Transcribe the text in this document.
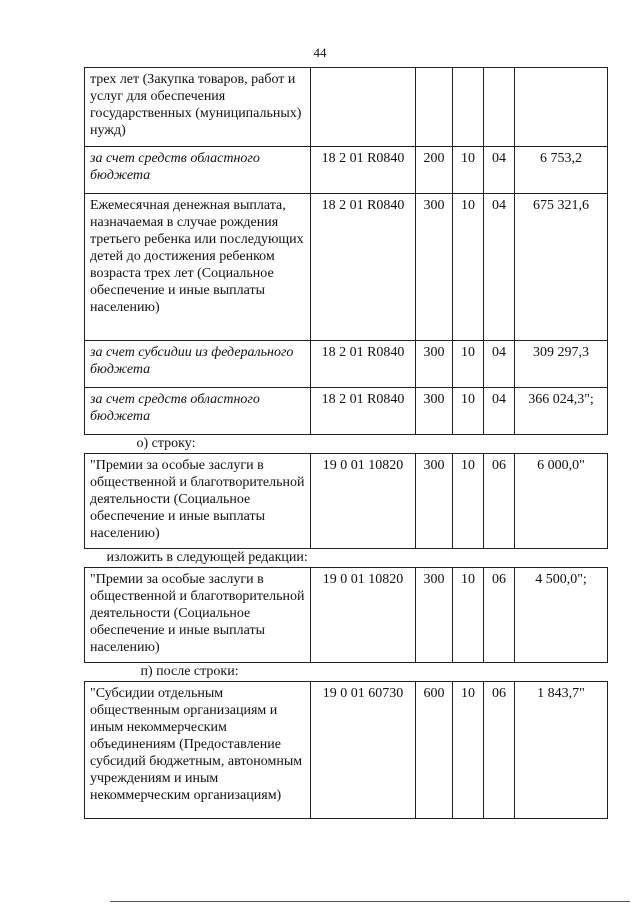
44
трех лет (Закупка товаров, работ и услуг для обеспечения государственных (муниципальных) нужд)					
за счет средств областного бюджета	18 2 01 R0840	200	10	04	6 753,2
Ежемесячная денежная выплата, назначаемая в случае рождения третьего ребенка или последующих детей до достижения ребенком возраста трех лет (Социальное обеспечение и иные выплаты населению)	18 2 01 R0840	300	10	04	675 321,6
за счет субсидии из федерального бюджета	18 2 01 R0840	300	10	04	309 297,3
за счет средств областного бюджета	18 2 01 R0840	300	10	04	366 024,3";
о) строку:					
"Премии за особые заслуги в общественной и благотворительной деятельности (Социальное обеспечение и иные выплаты населению)	19 0 01 10820	300	10	06	6 000,0"
изложить в следующей редакции:					
"Премии за особые заслуги в общественной и благотворительной деятельности (Социальное обеспечение и иные выплаты населению)	19 0 01 10820	300	10	06	4 500,0";
п) после строки:					
"Субсидии отдельным общественным организациям и иным некоммерческим объединениям (Предоставление субсидий бюджетным, автономным учреждениям и иным некоммерческим организациям)	19 0 01 60730	600	10	06	1 843,7"
